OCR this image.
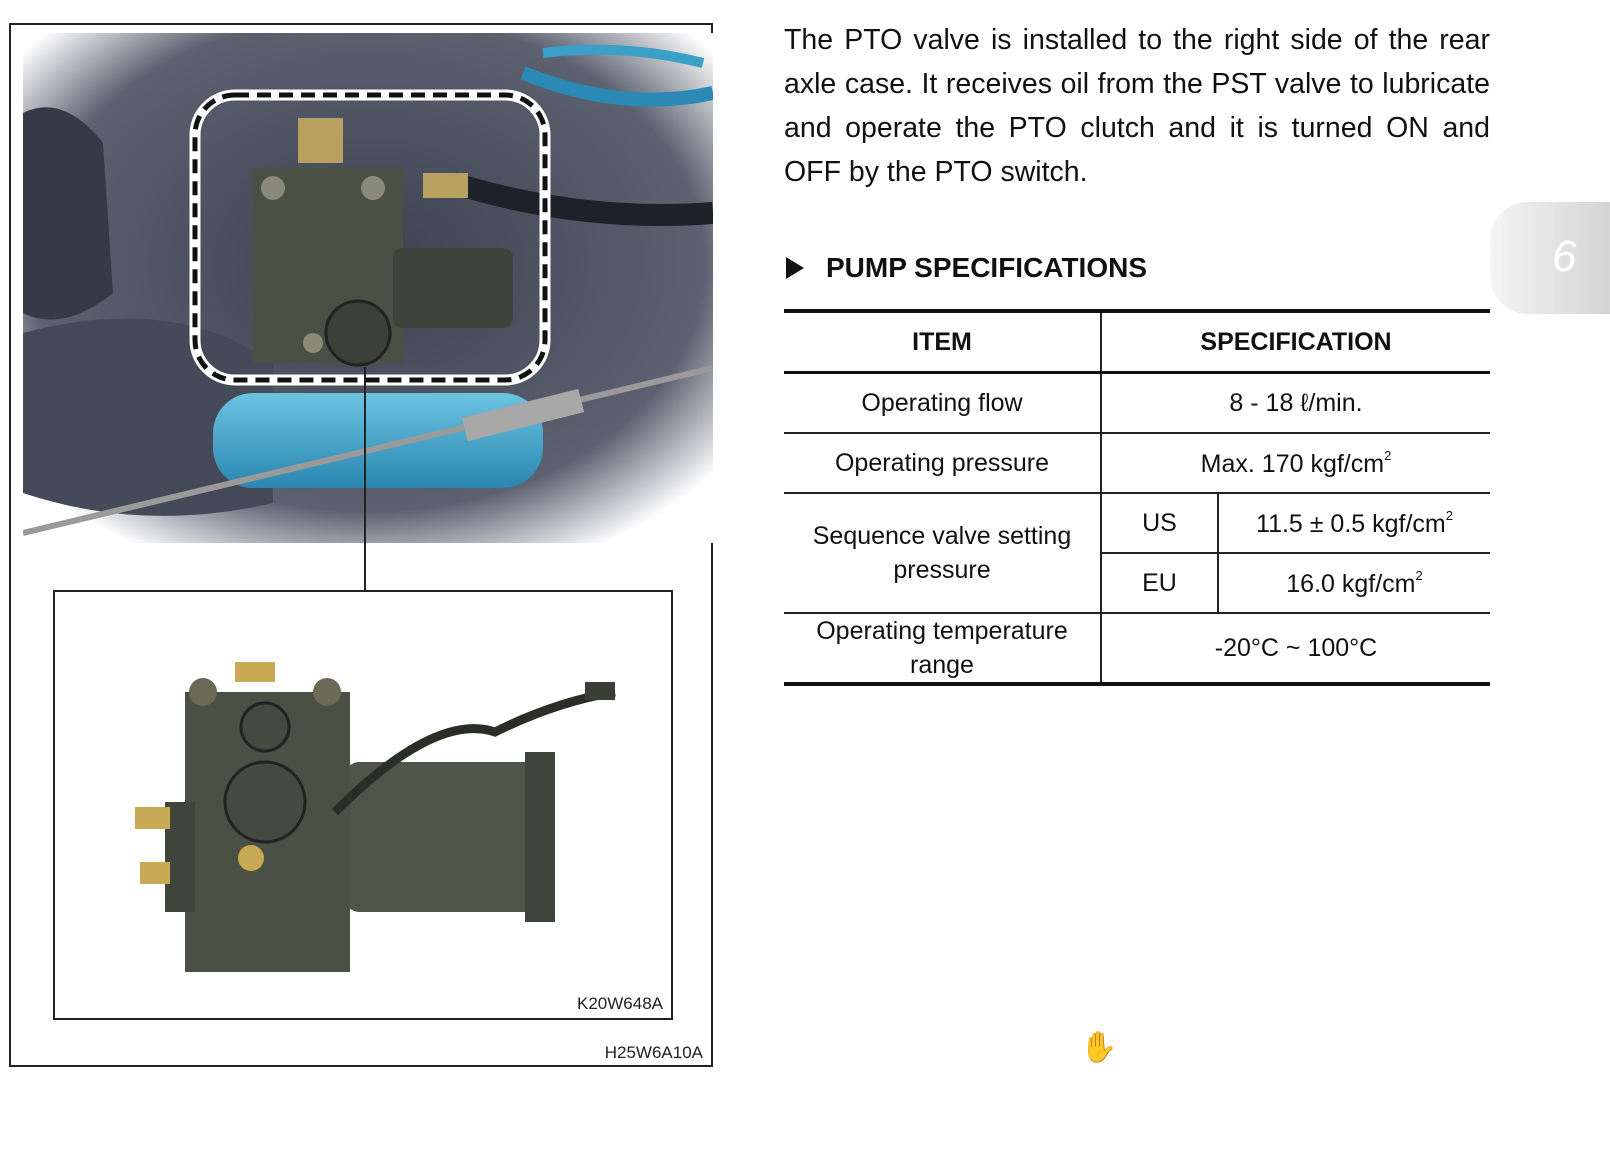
K20W648A
H25W6A10A

The PTO valve is installed to the right side of the rear axle case. It receives oil from the PST valve to lubricate and operate the PTO clutch and it is turned ON and OFF by the PTO switch.

PUMP SPECIFICATIONS
ITEM	SPECIFICATION	
Operating flow	8 - 18 ℓ/min.	
Operating pressure	Max. 170 kgf/$cm^2$
Sequence valve setting pressure	US	11.5 ± 0.5 kgf/$cm^2$
	EU	16.0 kgf/$cm^2$
Operating temperature range	-20°C ~ 100°C	
6
✋
